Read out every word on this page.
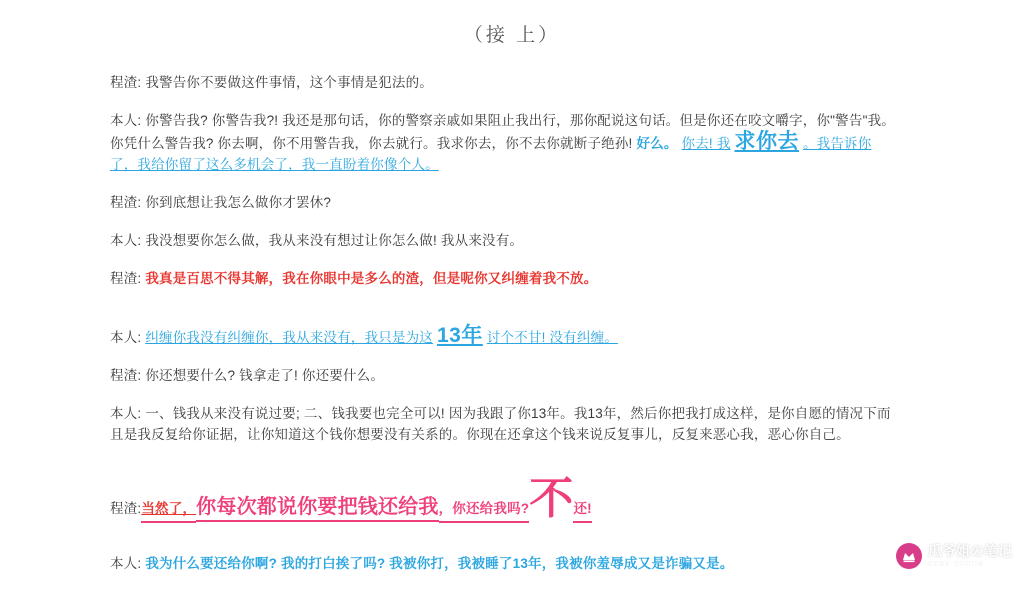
（接 上）
程渣: 我警告你不要做这件事情，这个事情是犯法的。
本人: 你警告我? 你警告我?! 我还是那句话，你的警察亲戚如果阻止我出行，那你配说这句话。但是你还在咬文嚼字，你"警告"我。你凭什么警告我? 你去啊，你不用警告我，你去就行。我求你去，你不去你就断子绝孙! 好么。 你去! 我 求你去 。我告诉你了，我给你留了这么多机会了，我一直盼着你像个人。
程渣: 你到底想让我怎么做你才罢休?
本人: 我没想要你怎么做，我从来没有想过让你怎么做! 我从来没有。
程渣: 我真是百思不得其解，我在你眼中是多么的渣，但是呢你又纠缠着我不放。
本人: 纠缠你我没有纠缠你，我从来没有，我只是为这 13年 讨个不甘! 没有纠缠。
程渣: 你还想要什么? 钱拿走了! 你还要什么。
本人: 一、钱我从来没有说过要; 二、钱我要也完全可以! 因为我跟了你13年。我13年，然后你把我打成这样，是你自愿的情况下而且是我反复给你证据，让你知道这个钱你想要没有关系的。你现在还拿这个钱来说反复事儿，反复来恶心我，恶心你自己。
程渣: 当然了， 你每次都说你要把钱还给我 ，你还给我吗? 不 还!
本人: 我为什么要还给你啊? 我的打白挨了吗? 我被你打，我被睡了13年，我被你羞辱成又是诈骗又是。
瓜爷姐の笔记
ccav online
